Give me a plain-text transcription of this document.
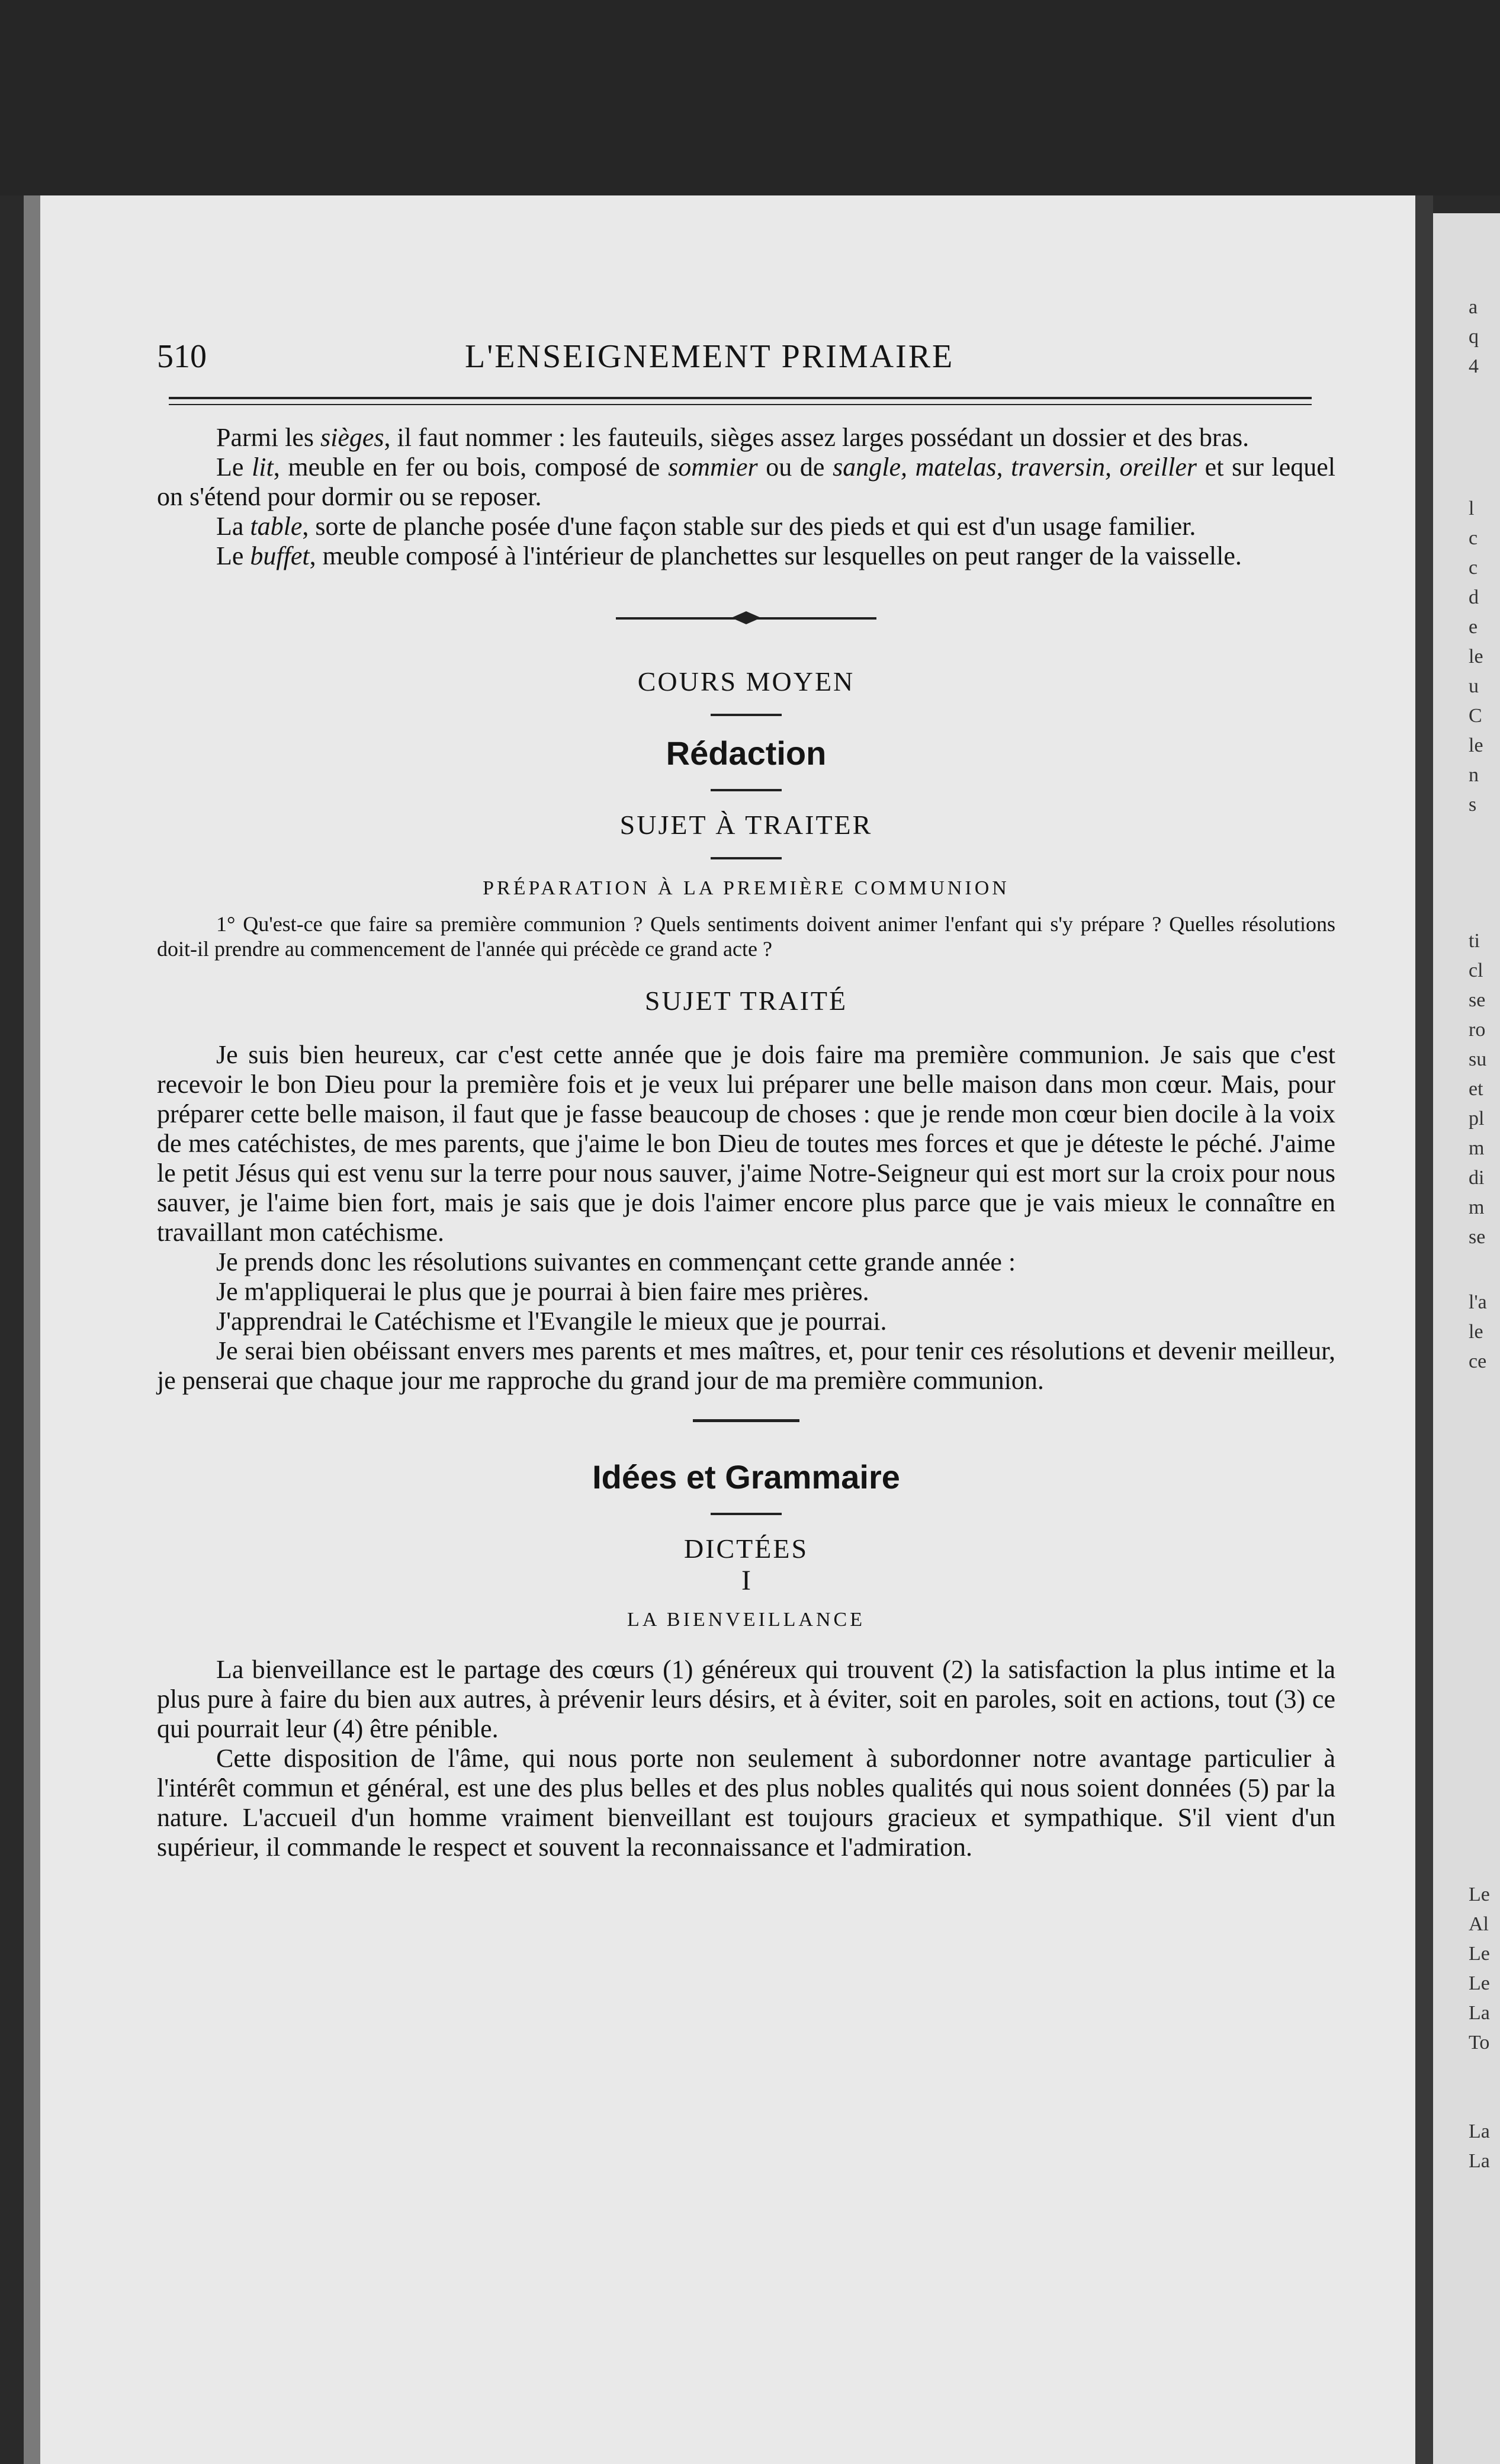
a
q
4
l
c
c
d
e
le
u
C
le
n
s
ti
cl
se
ro
su
et
pl
m
di
m
se
l'a
le
ce
Le
Al
Le
Le
La
To
La
La
510	L'ENSEIGNEMENT PRIMAIRE

Parmi les sièges, il faut nommer : les fauteuils, sièges assez larges possédant un dossier et des bras.

Le lit, meuble en fer ou bois, composé de sommier ou de sangle, matelas, traversin, oreiller et sur lequel on s'étend pour dormir ou se reposer.

La table, sorte de planche posée d'une façon stable sur des pieds et qui est d'un usage familier.

Le buffet, meuble composé à l'intérieur de planchettes sur lesquelles on peut ranger de la vaisselle.

COURS MOYEN
Rédaction
SUJET À TRAITER
PRÉPARATION À LA PREMIÈRE COMMUNION

1° Qu'est-ce que faire sa première communion ? Quels sentiments doivent animer l'enfant qui s'y prépare ? Quelles résolutions doit-il prendre au commencement de l'année qui précède ce grand acte ?

SUJET TRAITÉ

Je suis bien heureux, car c'est cette année que je dois faire ma première communion. Je sais que c'est recevoir le bon Dieu pour la première fois et je veux lui préparer une belle maison dans mon cœur. Mais, pour préparer cette belle maison, il faut que je fasse beaucoup de choses : que je rende mon cœur bien docile à la voix de mes catéchistes, de mes parents, que j'aime le bon Dieu de toutes mes forces et que je déteste le péché. J'aime le petit Jésus qui est venu sur la terre pour nous sauver, j'aime Notre-Seigneur qui est mort sur la croix pour nous sauver, je l'aime bien fort, mais je sais que je dois l'aimer encore plus parce que je vais mieux le connaître en travaillant mon catéchisme.

Je prends donc les résolutions suivantes en commençant cette grande année :

Je m'appliquerai le plus que je pourrai à bien faire mes prières.

J'apprendrai le Catéchisme et l'Evangile le mieux que je pourrai.

Je serai bien obéissant envers mes parents et mes maîtres, et, pour tenir ces résolutions et devenir meilleur, je penserai que chaque jour me rapproche du grand jour de ma première communion.

Idées et Grammaire
DICTÉES
I
LA BIENVEILLANCE

La bienveillance est le partage des cœurs (1) généreux qui trouvent (2) la satisfaction la plus intime et la plus pure à faire du bien aux autres, à prévenir leurs désirs, et à éviter, soit en paroles, soit en actions, tout (3) ce qui pourrait leur (4) être pénible.

Cette disposition de l'âme, qui nous porte non seulement à subordonner notre avantage particulier à l'intérêt commun et général, est une des plus belles et des plus nobles qualités qui nous soient données (5) par la nature. L'accueil d'un homme vraiment bienveillant est toujours gracieux et sympathique. S'il vient d'un supérieur, il commande le respect et souvent la reconnaissance et l'admiration.
